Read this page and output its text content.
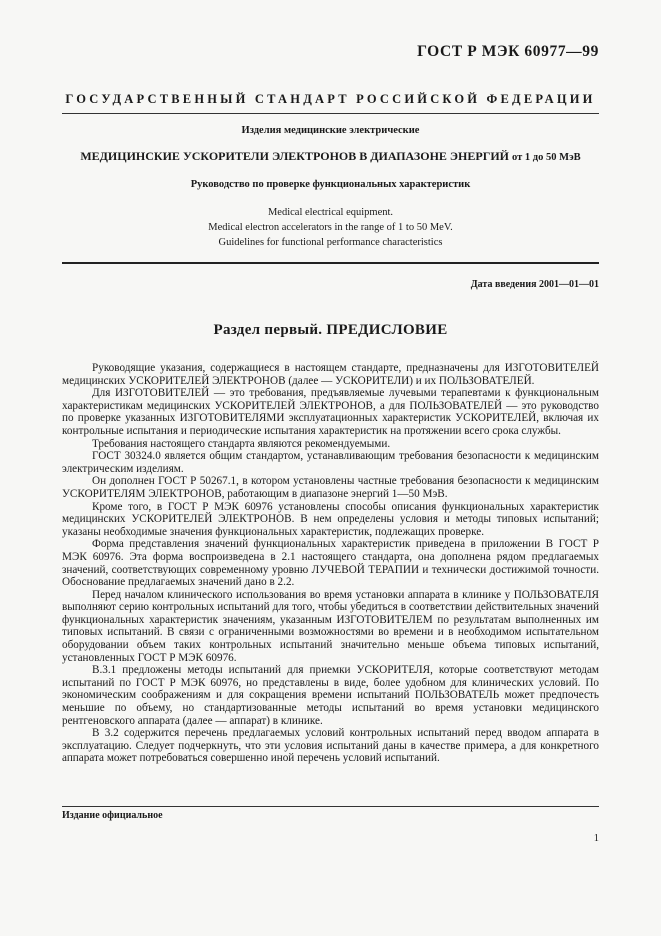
ГОСТ Р МЭК 60977—99
ГОСУДАРСТВЕННЫЙ СТАНДАРТ РОССИЙСКОЙ ФЕДЕРАЦИИ
Изделия медицинские электрические
МЕДИЦИНСКИЕ УСКОРИТЕЛИ ЭЛЕКТРОНОВ В ДИАПАЗОНЕ ЭНЕРГИЙ от 1 до 50 МэВ
Руководство по проверке функциональных характеристик
Medical electrical equipment.
Medical electron accelerators in the range of 1 to 50 MeV.
Guidelines for functional performance characteristics
Дата введения 2001—01—01
Раздел первый. ПРЕДИСЛОВИЕ

Руководящие указания, содержащиеся в настоящем стандарте, предназначены для ИЗГОТОВИТЕЛЕЙ медицинских УСКОРИТЕЛЕЙ ЭЛЕКТРОНОВ (далее — УСКОРИТЕЛИ) и их ПОЛЬЗОВАТЕЛЕЙ.

Для ИЗГОТОВИТЕЛЕЙ — это требования, предъявляемые лучевыми терапевтами к функциональным характеристикам медицинских УСКОРИТЕЛЕЙ ЭЛЕКТРОНОВ, а для ПОЛЬЗОВАТЕЛЕЙ — это руководство по проверке указанных ИЗГОТОВИТЕЛЯМИ эксплуатационных характеристик УСКОРИТЕЛЕЙ, включая их контрольные испытания и периодические испытания характеристик на протяжении всего срока службы.

Требования настоящего стандарта являются рекомендуемыми.

ГОСТ 30324.0 является общим стандартом, устанавливающим требования безопасности к медицинским электрическим изделиям.

Он дополнен ГОСТ Р 50267.1, в котором установлены частные требования безопасности к медицинским УСКОРИТЕЛЯМ ЭЛЕКТРОНОВ, работающим в диапазоне энергий 1—50 МэВ.

Кроме того, в ГОСТ Р МЭК 60976 установлены способы описания функциональных характеристик медицинских УСКОРИТЕЛЕЙ ЭЛЕКТРОНОВ. В нем определены условия и методы типовых испытаний; указаны необходимые значения функциональных характеристик, подлежащих проверке.

Форма представления значений функциональных характеристик приведена в приложении В ГОСТ Р МЭК 60976. Эта форма воспроизведена в 2.1 настоящего стандарта, она дополнена рядом предлагаемых значений, соответствующих современному уровню ЛУЧЕВОЙ ТЕРАПИИ и технически достижимой точности. Обоснование предлагаемых значений дано в 2.2.

Перед началом клинического использования во время установки аппарата в клинике у ПОЛЬЗОВАТЕЛЯ выполняют серию контрольных испытаний для того, чтобы убедиться в соответствии действительных значений функциональных характеристик значениям, указанным ИЗГОТОВИТЕЛЕМ по результатам выполненных им типовых испытаний. В связи с ограниченными возможностями во времени и в необходимом испытательном оборудовании объем таких контрольных испытаний значительно меньше объема типовых испытаний, установленных ГОСТ Р МЭК 60976.

В.3.1 предложены методы испытаний для приемки УСКОРИТЕЛЯ, которые соответствуют методам испытаний по ГОСТ Р МЭК 60976, но представлены в виде, более удобном для клинических условий. По экономическим соображениям и для сокращения времени испытаний ПОЛЬЗОВАТЕЛЬ может предпочесть меньшие по объему, но стандартизованные методы испытаний во время установки медицинского рентгеновского аппарата (далее — аппарат) в клинике.

В 3.2 содержится перечень предлагаемых условий контрольных испытаний перед вводом аппарата в эксплуатацию. Следует подчеркнуть, что эти условия испытаний даны в качестве примера, а для конкретного аппарата может потребоваться совершенно иной перечень условий испытаний.

Издание официальное
1
